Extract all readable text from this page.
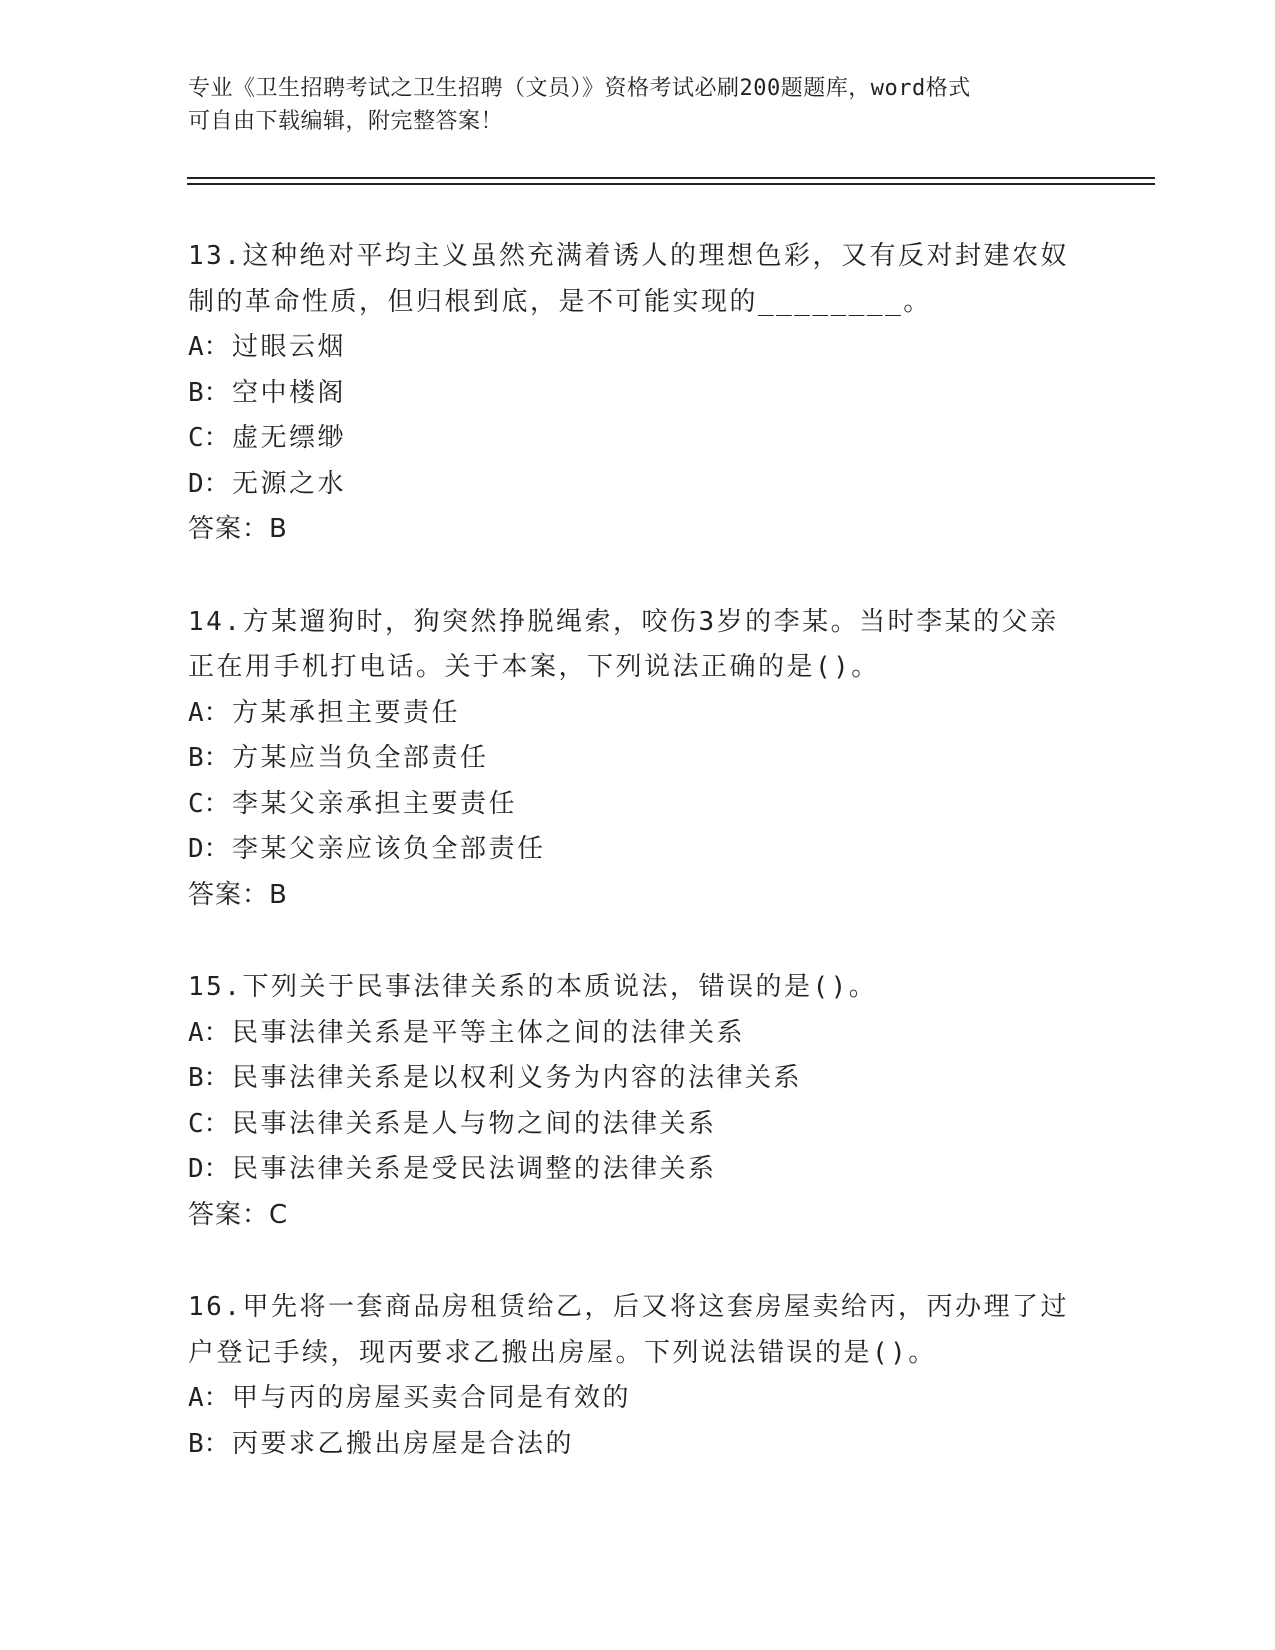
专业《卫生招聘考试之卫生招聘（文员）》资格考试必刷200题题库，word格式
可自由下载编辑，附完整答案！

13.这种绝对平均主义虽然充满着诱人的理想色彩，又有反对封建农奴
制的革命性质，但归根到底，是不可能实现的________。

A：过眼云烟

B：空中楼阁

C：虚无缥缈

D：无源之水

答案：B

14.方某遛狗时，狗突然挣脱绳索，咬伤3岁的李某。当时李某的父亲
正在用手机打电话。关于本案，下列说法正确的是()。

A：方某承担主要责任

B：方某应当负全部责任

C：李某父亲承担主要责任

D：李某父亲应该负全部责任

答案：B

15.下列关于民事法律关系的本质说法，错误的是()。

A：民事法律关系是平等主体之间的法律关系

B：民事法律关系是以权利义务为内容的法律关系

C：民事法律关系是人与物之间的法律关系

D：民事法律关系是受民法调整的法律关系

答案：C

16.甲先将一套商品房租赁给乙，后又将这套房屋卖给丙，丙办理了过
户登记手续，现丙要求乙搬出房屋。下列说法错误的是()。

A：甲与丙的房屋买卖合同是有效的

B：丙要求乙搬出房屋是合法的
